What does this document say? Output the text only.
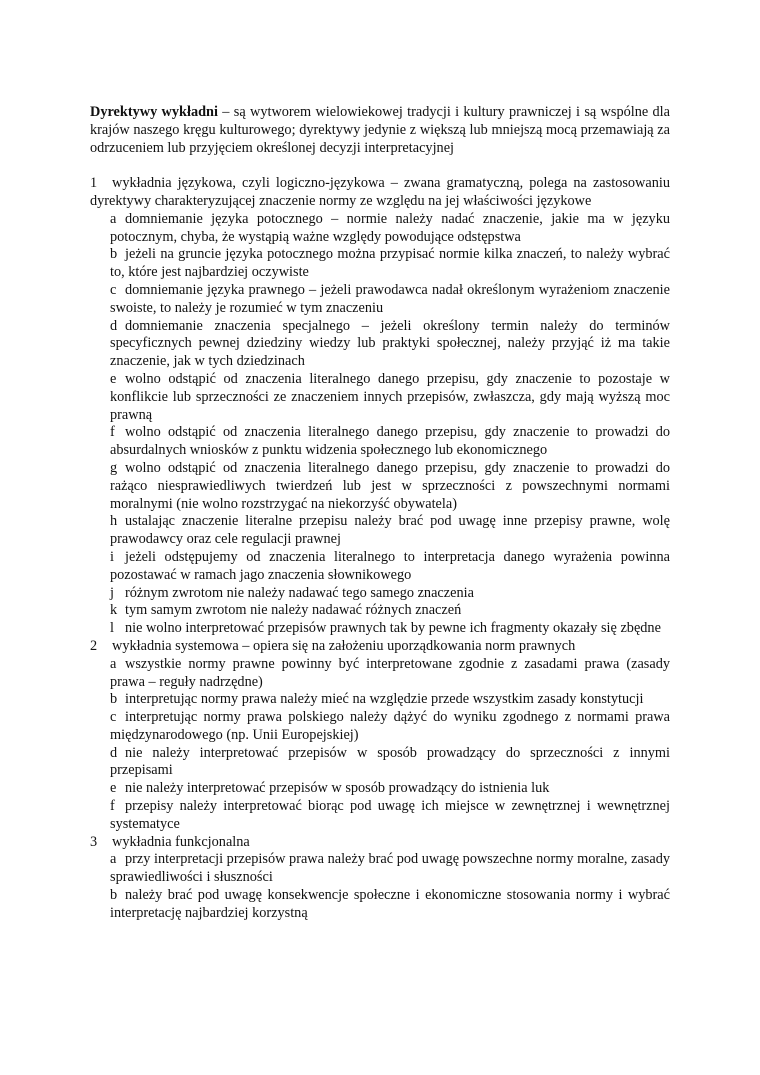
Dyrektywy wykładni – są wytworem wielowiekowej tradycji i kultury prawniczej i są wspólne dla krajów naszego kręgu kulturowego; dyrektywy jedynie z większą lub mniejszą mocą przemawiają za odrzuceniem lub przyjęciem określonej decyzji interpretacyjnej

1 wykładnia językowa, czyli logiczno-językowa – zwana gramatyczną, polega na zastosowaniu dyrektywy charakteryzującej znaczenie normy ze względu na jej właściwości językowe

a domniemanie języka potocznego – normie należy nadać znaczenie, jakie ma w języku potocznym, chyba, że wystąpią ważne względy powodujące odstępstwa

b jeżeli na gruncie języka potocznego można przypisać normie kilka znaczeń, to należy wybrać to, które jest najbardziej oczywiste

c domniemanie języka prawnego – jeżeli prawodawca nadał określonym wyrażeniom znaczenie swoiste, to należy je rozumieć w tym znaczeniu

d domniemanie znaczenia specjalnego – jeżeli określony termin należy do terminów specyficznych pewnej dziedziny wiedzy lub praktyki społecznej, należy przyjąć iż ma takie znaczenie, jak w tych dziedzinach

e wolno odstąpić od znaczenia literalnego danego przepisu, gdy znaczenie to pozostaje w konflikcie lub sprzeczności ze znaczeniem innych przepisów, zwłaszcza, gdy mają wyższą moc prawną

f wolno odstąpić od znaczenia literalnego danego przepisu, gdy znaczenie to prowadzi do absurdalnych wniosków z punktu widzenia społecznego lub ekonomicznego

g wolno odstąpić od znaczenia literalnego danego przepisu, gdy znaczenie to prowadzi do rażąco niesprawiedliwych twierdzeń lub jest w sprzeczności z powszechnymi normami moralnymi (nie wolno rozstrzygać na niekorzyść obywatela)

h ustalając znaczenie literalne przepisu należy brać pod uwagę inne przepisy prawne, wolę prawodawcy oraz cele regulacji prawnej

i jeżeli odstępujemy od znaczenia literalnego to interpretacja danego wyrażenia powinna pozostawać w ramach jago znaczenia słownikowego

j różnym zwrotom nie należy nadawać tego samego znaczenia

k tym samym zwrotom nie należy nadawać różnych znaczeń

l nie wolno interpretować przepisów prawnych tak by pewne ich fragmenty okazały się zbędne

2 wykładnia systemowa – opiera się na założeniu uporządkowania norm prawnych

a wszystkie normy prawne powinny być interpretowane zgodnie z zasadami prawa (zasady prawa – reguły nadrzędne)

b interpretując normy prawa należy mieć na względzie przede wszystkim zasady konstytucji

c interpretując normy prawa polskiego należy dążyć do wyniku zgodnego z normami prawa międzynarodowego (np. Unii Europejskiej)

d nie należy interpretować przepisów w sposób prowadzący do sprzeczności z innymi przepisami

e nie należy interpretować przepisów w sposób prowadzący do istnienia luk

f przepisy należy interpretować biorąc pod uwagę ich miejsce w zewnętrznej i wewnętrznej systematyce

3 wykładnia funkcjonalna

a przy interpretacji przepisów prawa należy brać pod uwagę powszechne normy moralne, zasady sprawiedliwości i słuszności

b należy brać pod uwagę konsekwencje społeczne i ekonomiczne stosowania normy i wybrać interpretację najbardziej korzystną
